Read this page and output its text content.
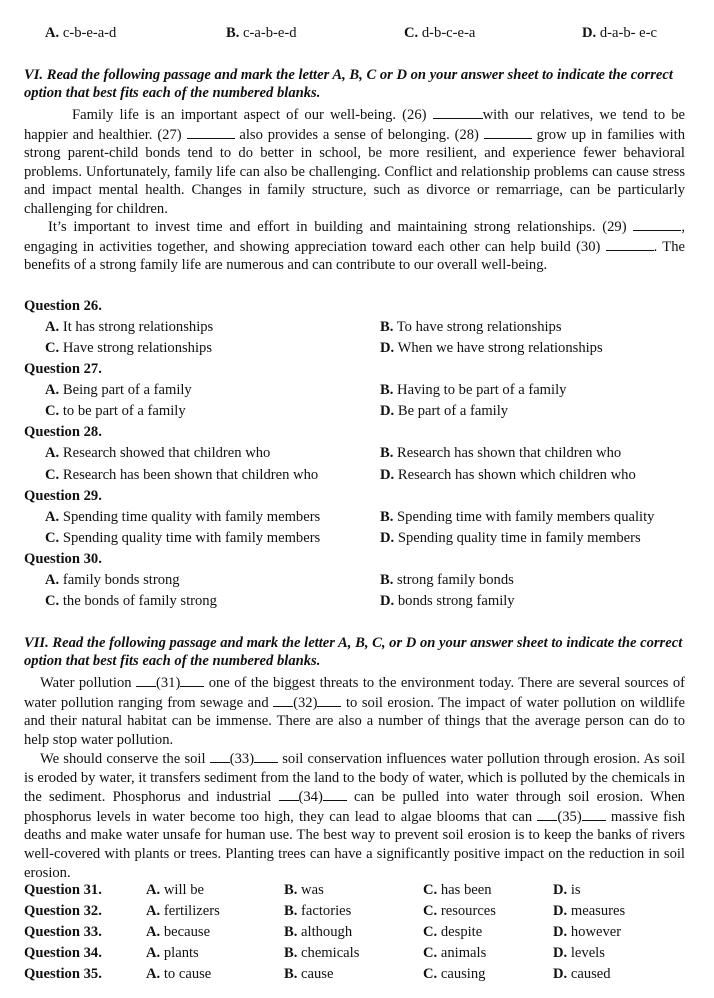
A. c-b-e-a-d	B. c-a-b-e-d	C. d-b-c-e-a	D. d-a-b- e-c
VI. Read the following passage and mark the letter A, B, C or D on your answer sheet to indicate the correct option that best fits each of the numbered blanks.
Family life is an important aspect of our well-being. (26)	with our relatives, we tend to be happier and healthier. (27)	also provides a sense of belonging. (28)	grow up in families with strong parent-child bonds tend to do better in school, be more resilient, and experience fewer behavioral problems. Unfortunately, family life can also be challenging. Conflict and relationship problems can cause stress and impact mental health. Changes in family structure, such as divorce or remarriage, can be particularly challenging for children.
It’s important to invest time and effort in building and maintaining strong relationships. (29)	, engaging in activities together, and showing appreciation toward each other can help build (30)	. The benefits of a strong family life are numerous and can contribute to our overall well-being.
Question 26.
A. It has strong relationships	B. To have strong relationships
C. Have strong relationships	D. When we have strong relationships
Question 27.
A. Being part of a family	B. Having to be part of a family
C. to be part of a family	D. Be part of a family
Question 28.
A. Research showed that children who	B. Research has shown that children who
C. Research has been shown that children who	D. Research has shown which children who
Question 29.
A. Spending time quality with family members	B. Spending time with family members quality
C. Spending quality time with family members	D. Spending quality time in family members
Question 30.
A. family bonds strong	B. strong family bonds
C. the bonds of family strong	D. bonds strong family
VII. Read the following passage and mark the letter A, B, C, or D on your answer sheet to indicate the correct option that best fits each of the numbered blanks.
Water pollution (31) one of the biggest threats to the environment today. There are several sources of water pollution ranging from sewage and (32) to soil erosion. The impact of water pollution on wildlife and their natural habitat can be immense. There are also a number of things that the average person can do to help stop water pollution.
We should conserve the soil (33) soil conservation influences water pollution through erosion. As soil is eroded by water, it transfers sediment from the land to the body of water, which is polluted by the chemicals in the sediment. Phosphorus and industrial (34) can be pulled into water through soil erosion. When phosphorus levels in water become too high, they can lead to algae blooms that can (35) massive fish deaths and make water unsafe for human use. The best way to prevent soil erosion is to keep the banks of rivers well-covered with plants or trees. Planting trees can have a significantly positive impact on the reduction in soil erosion.
Question 31.	A. will be	B. was	C. has been	D. is
Question 32.	A. fertilizers	B. factories	C. resources	D. measures
Question 33.	A. because	B. although	C. despite	D. however
Question 34.	A. plants	B. chemicals	C. animals	D. levels
Question 35.	A. to cause	B. cause	C. causing	D. caused
